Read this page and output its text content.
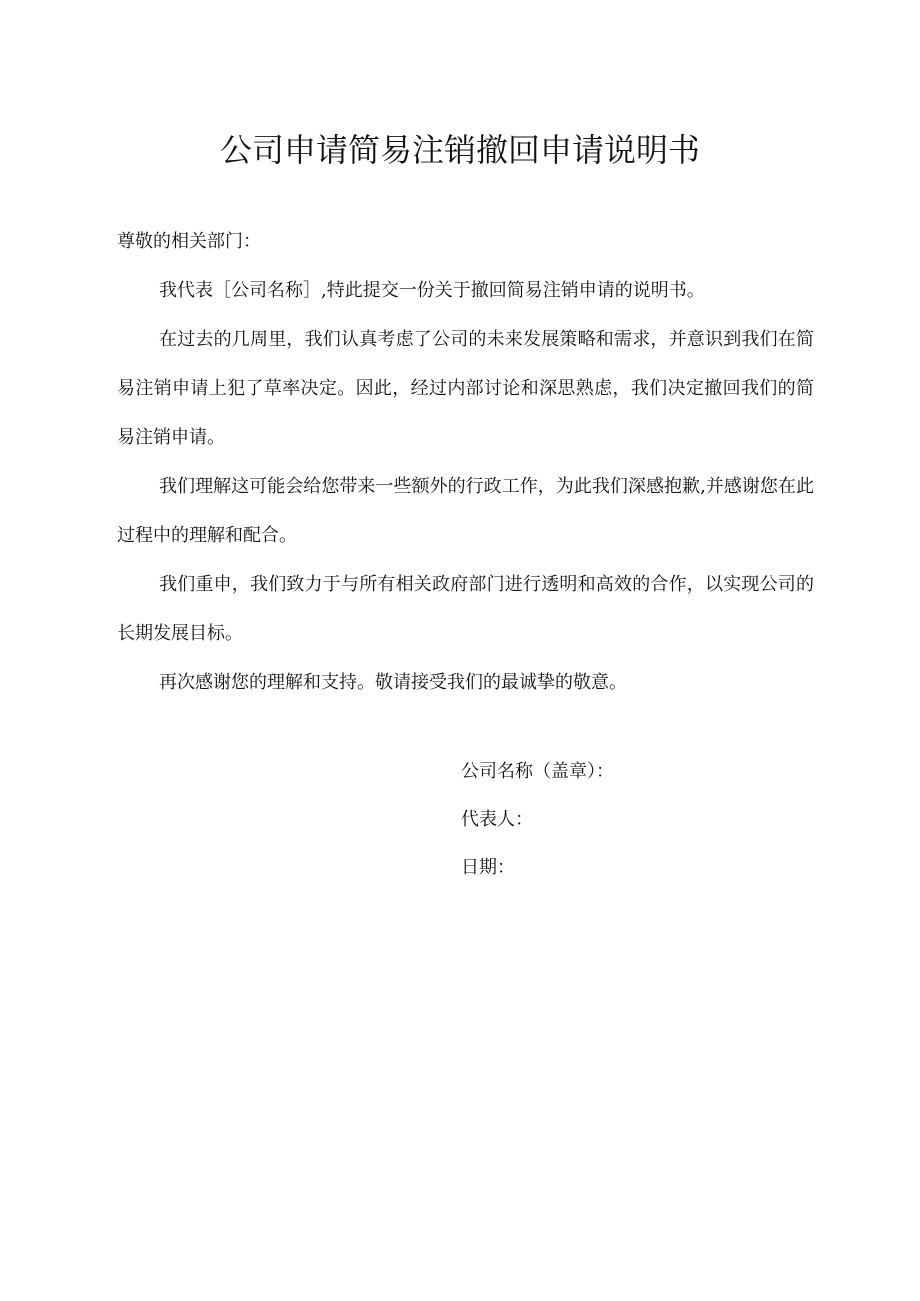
公司申请简易注销撤回申请说明书

尊敬的相关部门：

我代表［公司名称］,特此提交一份关于撤回简易注销申请的说明书。

在过去的几周里，我们认真考虑了公司的未来发展策略和需求，并意识到我们在简易注销申请上犯了草率决定。因此，经过内部讨论和深思熟虑，我们决定撤回我们的简易注销申请。

我们理解这可能会给您带来一些额外的行政工作，为此我们深感抱歉,并感谢您在此过程中的理解和配合。

我们重申，我们致力于与所有相关政府部门进行透明和高效的合作，以实现公司的长期发展目标。

再次感谢您的理解和支持。敬请接受我们的最诚挚的敬意。

公司名称（盖章）：

代表人：

日期：
